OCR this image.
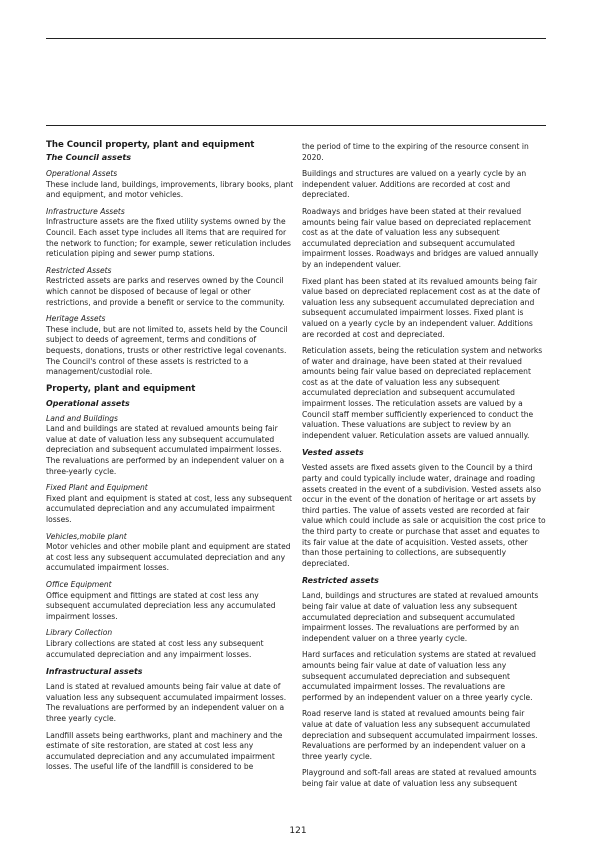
The Council property, plant and equipment
The Council assets

Operational Assets

These include land, buildings, improvements, library books, plant and equipment, and motor vehicles.

Infrastructure Assets

Infrastructure assets are the fixed utility systems owned by the Council. Each asset type includes all items that are required for the network to function; for example, sewer reticulation includes reticulation piping and sewer pump stations.

Restricted Assets

Restricted assets are parks and reserves owned by the Council which cannot be disposed of because of legal or other restrictions, and provide a benefit or service to the community.

Heritage Assets

These include, but are not limited to, assets held by the Council subject to deeds of agreement, terms and conditions of bequests, donations, trusts or other restrictive legal covenants. The Council's control of these assets is restricted to a management/custodial role.

Property, plant and equipment
Operational assets

Land and Buildings

Land and buildings are stated at revalued amounts being fair value at date of valuation less any subsequent accumulated depreciation and subsequent accumulated impairment losses. The revaluations are performed by an independent valuer on a three-yearly cycle.

Fixed Plant and Equipment

Fixed plant and equipment is stated at cost, less any subsequent accumulated depreciation and any accumulated impairment losses.

Vehicles,mobile plant

Motor vehicles and other mobile plant and equipment are stated at cost less any subsequent accumulated depreciation and any accumulated impairment losses.

Office Equipment

Office equipment and fittings are stated at cost less any subsequent accumulated depreciation less any accumulated impairment losses.

Library Collection

Library collections are stated at cost less any subsequent accumulated depreciation and any impairment losses.

Infrastructural assets

Land is stated at revalued amounts being fair value at date of valuation less any subsequent accumulated impairment losses. The revaluations are performed by an independent valuer on a three yearly cycle.

Landfill assets being earthworks, plant and machinery and the estimate of site restoration, are stated at cost less any accumulated depreciation and any accumulated impairment losses. The useful life of the landfill is considered to be

the period of time to the expiring of the resource consent in 2020.

Buildings and structures are valued on a yearly cycle by an independent valuer. Additions are recorded at cost and depreciated.

Roadways and bridges have been stated at their revalued amounts being fair value based on depreciated replacement cost as at the date of valuation less any subsequent accumulated depreciation and subsequent accumulated impairment losses. Roadways and bridges are valued annually by an independent valuer.

Fixed plant has been stated at its revalued amounts being fair value based on depreciated replacement cost as at the date of valuation less any subsequent accumulated depreciation and subsequent accumulated impairment losses. Fixed plant is valued on a yearly cycle by an independent valuer. Additions are recorded at cost and depreciated.

Reticulation assets, being the reticulation system and networks of water and drainage, have been stated at their revalued amounts being fair value based on depreciated replacement cost as at the date of valuation less any subsequent accumulated depreciation and subsequent accumulated impairment losses. The reticulation assets are valued by a Council staff member sufficiently experienced to conduct the valuation. These valuations are subject to review by an independent valuer. Reticulation assets are valued annually.

Vested assets

Vested assets are fixed assets given to the Council by a third party and could typically include water, drainage and roading assets created in the event of a subdivision. Vested assets also occur in the event of the donation of heritage or art assets by third parties. The value of assets vested are recorded at fair value which could include as sale or acquisition the cost price to the third party to create or purchase that asset and equates to its fair value at the date of acquisition. Vested assets, other than those pertaining to collections, are subsequently depreciated.

Restricted assets

Land, buildings and structures are stated at revalued amounts being fair value at date of valuation less any subsequent accumulated depreciation and subsequent accumulated impairment losses. The revaluations are performed by an independent valuer on a three yearly cycle.

Hard surfaces and reticulation systems are stated at revalued amounts being fair value at date of valuation less any subsequent accumulated depreciation and subsequent accumulated impairment losses. The revaluations are performed by an independent valuer on a three yearly cycle.

Road reserve land is stated at revalued amounts being fair value at date of valuation less any subsequent accumulated depreciation and subsequent accumulated impairment losses. Revaluations are performed by an independent valuer on a three yearly cycle.

Playground and soft-fall areas are stated at revalued amounts being fair value at date of valuation less any subsequent

121
